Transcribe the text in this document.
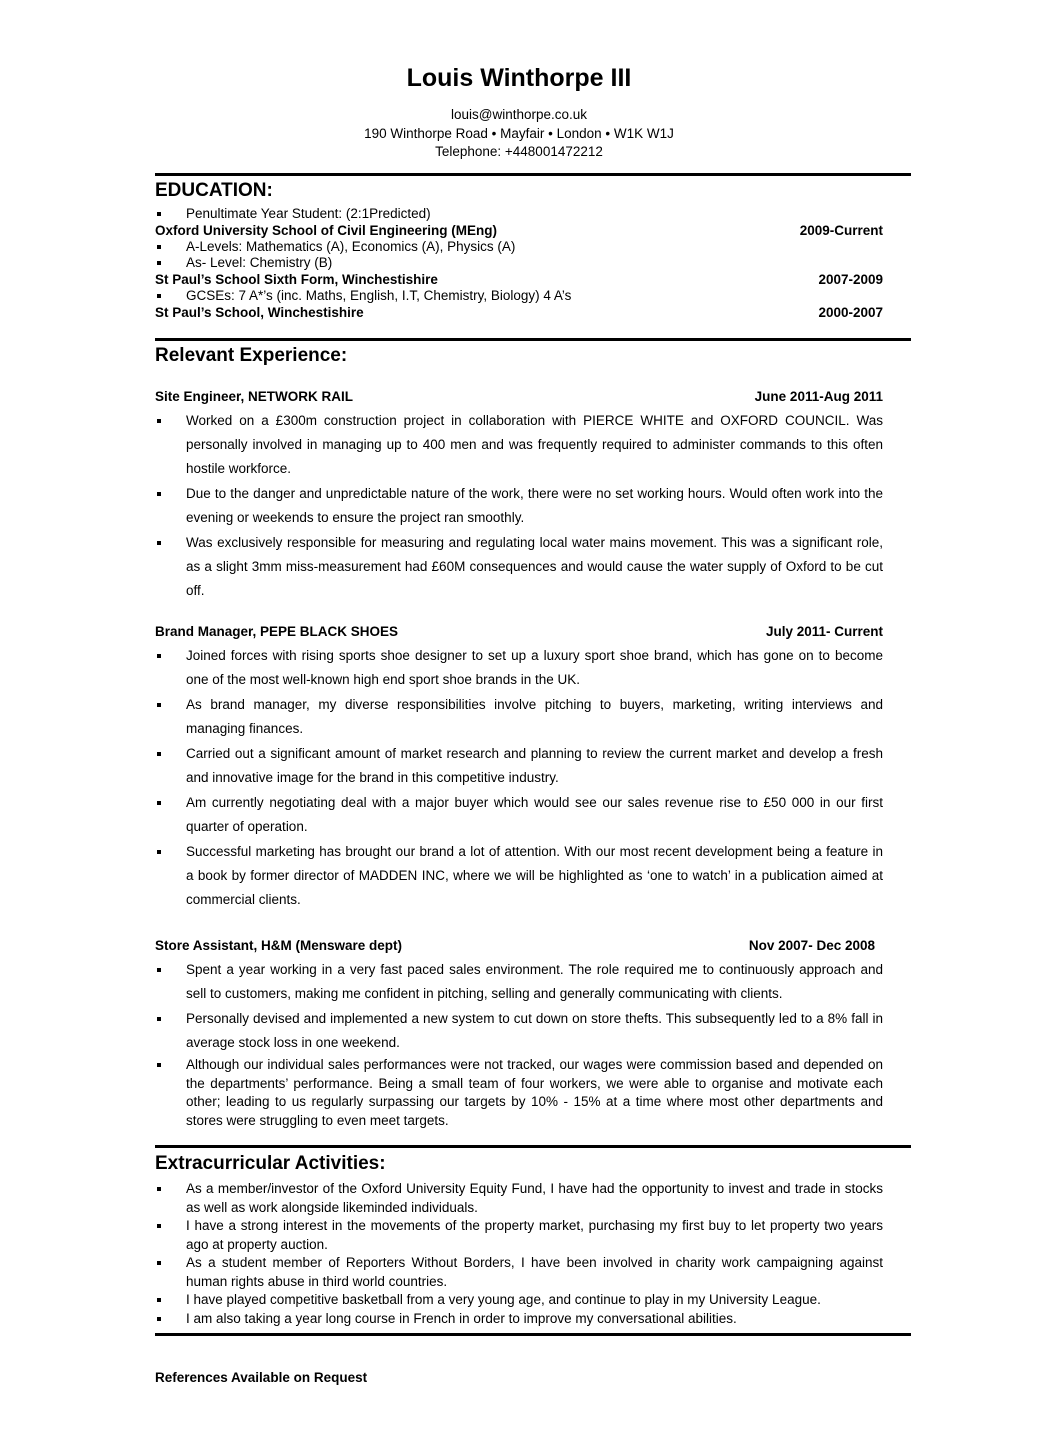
Louis Winthorpe III
louis@winthorpe.co.uk
190 Winthorpe Road • Mayfair • London • W1K W1J
Telephone: +448001472212
EDUCATION:
Penultimate Year Student: (2:1Predicted)
Oxford University School of Civil Engineering (MEng)	2009-Current
A-Levels: Mathematics (A), Economics (A), Physics (A)
As- Level: Chemistry (B)
St Paul’s School Sixth Form, Winchestishire	2007-2009
GCSEs: 7 A*’s (inc. Maths, English, I.T, Chemistry, Biology) 4 A’s
St Paul’s School, Winchestishire	2000-2007
Relevant Experience:
Site Engineer, NETWORK RAIL	June 2011-Aug 2011
Worked on a £300m construction project in collaboration with PIERCE WHITE and OXFORD COUNCIL. Was personally involved in managing up to 400 men and was frequently required to administer commands to this often hostile workforce.
Due to the danger and unpredictable nature of the work, there were no set working hours. Would often work into the evening or weekends to ensure the project ran smoothly.
Was exclusively responsible for measuring and regulating local water mains movement. This was a significant role, as a slight 3mm miss-measurement had £60M consequences and would cause the water supply of Oxford to be cut off.
Brand Manager, PEPE BLACK SHOES	July 2011- Current
Joined forces with rising sports shoe designer to set up a luxury sport shoe brand, which has gone on to become one of the most well-known high end sport shoe brands in the UK.
As brand manager, my diverse responsibilities involve pitching to buyers, marketing, writing interviews and managing finances.
Carried out a significant amount of market research and planning to review the current market and develop a fresh and innovative image for the brand in this competitive industry.
Am currently negotiating deal with a major buyer which would see our sales revenue rise to £50 000 in our first quarter of operation.
Successful marketing has brought our brand a lot of attention. With our most recent development being a feature in a book by former director of MADDEN INC, where we will be highlighted as ‘one to watch’ in a publication aimed at commercial clients.
Store Assistant, H&M (Mensware dept)	Nov 2007- Dec 2008
Spent a year working in a very fast paced sales environment. The role required me to continuously approach and sell to customers, making me confident in pitching, selling and generally communicating with clients.
Personally devised and implemented a new system to cut down on store thefts. This subsequently led to a 8% fall in average stock loss in one weekend.
Although our individual sales performances were not tracked, our wages were commission based and depended on the departments’ performance. Being a small team of four workers, we were able to organise and motivate each other; leading to us regularly surpassing our targets by 10% - 15% at a time where most other departments and stores were struggling to even meet targets.
Extracurricular Activities:
As a member/investor of the Oxford University Equity Fund, I have had the opportunity to invest and trade in stocks as well as work alongside likeminded individuals.
I have a strong interest in the movements of the property market, purchasing my first buy to let property two years ago at property auction.
As a student member of Reporters Without Borders, I have been involved in charity work campaigning against human rights abuse in third world countries.
I have played competitive basketball from a very young age, and continue to play in my University League.
I am also taking a year long course in French in order to improve my conversational abilities.
References Available on Request
